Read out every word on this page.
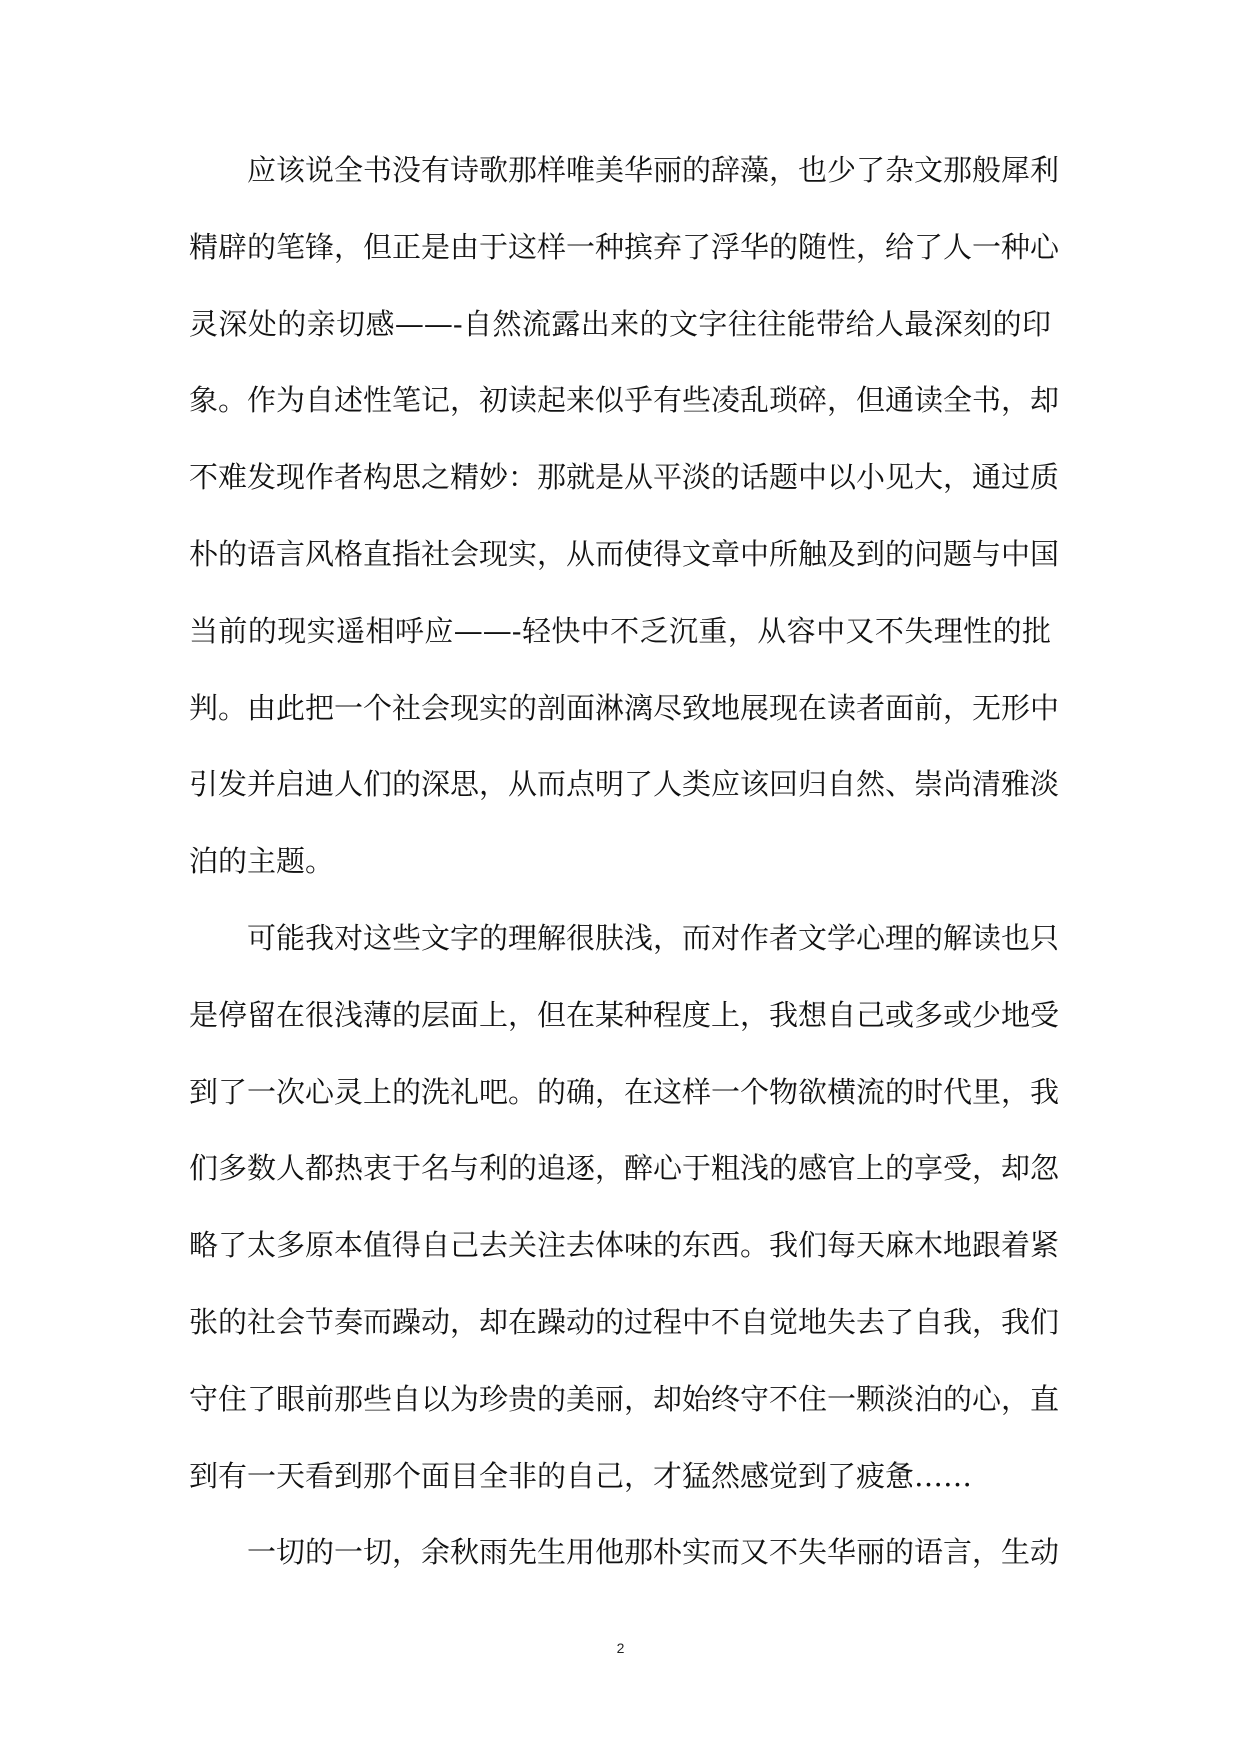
应该说全书没有诗歌那样唯美华丽的辞藻，也少了杂文那般犀利
精辟的笔锋，但正是由于这样一种摈弃了浮华的随性，给了人一种心
灵深处的亲切感——-自然流露出来的文字往往能带给人最深刻的印
象。作为自述性笔记，初读起来似乎有些凌乱琐碎，但通读全书，却
不难发现作者构思之精妙：那就是从平淡的话题中以小见大，通过质
朴的语言风格直指社会现实，从而使得文章中所触及到的问题与中国
当前的现实遥相呼应——-轻快中不乏沉重，从容中又不失理性的批
判。由此把一个社会现实的剖面淋漓尽致地展现在读者面前，无形中
引发并启迪人们的深思，从而点明了人类应该回归自然、崇尚清雅淡
泊的主题。
可能我对这些文字的理解很肤浅，而对作者文学心理的解读也只
是停留在很浅薄的层面上，但在某种程度上，我想自己或多或少地受
到了一次心灵上的洗礼吧。的确，在这样一个物欲横流的时代里，我
们多数人都热衷于名与利的追逐，醉心于粗浅的感官上的享受，却忽
略了太多原本值得自己去关注去体味的东西。我们每天麻木地跟着紧
张的社会节奏而躁动，却在躁动的过程中不自觉地失去了自我，我们
守住了眼前那些自以为珍贵的美丽，却始终守不住一颗淡泊的心，直
到有一天看到那个面目全非的自己，才猛然感觉到了疲惫……
一切的一切，余秋雨先生用他那朴实而又不失华丽的语言，生动
2
